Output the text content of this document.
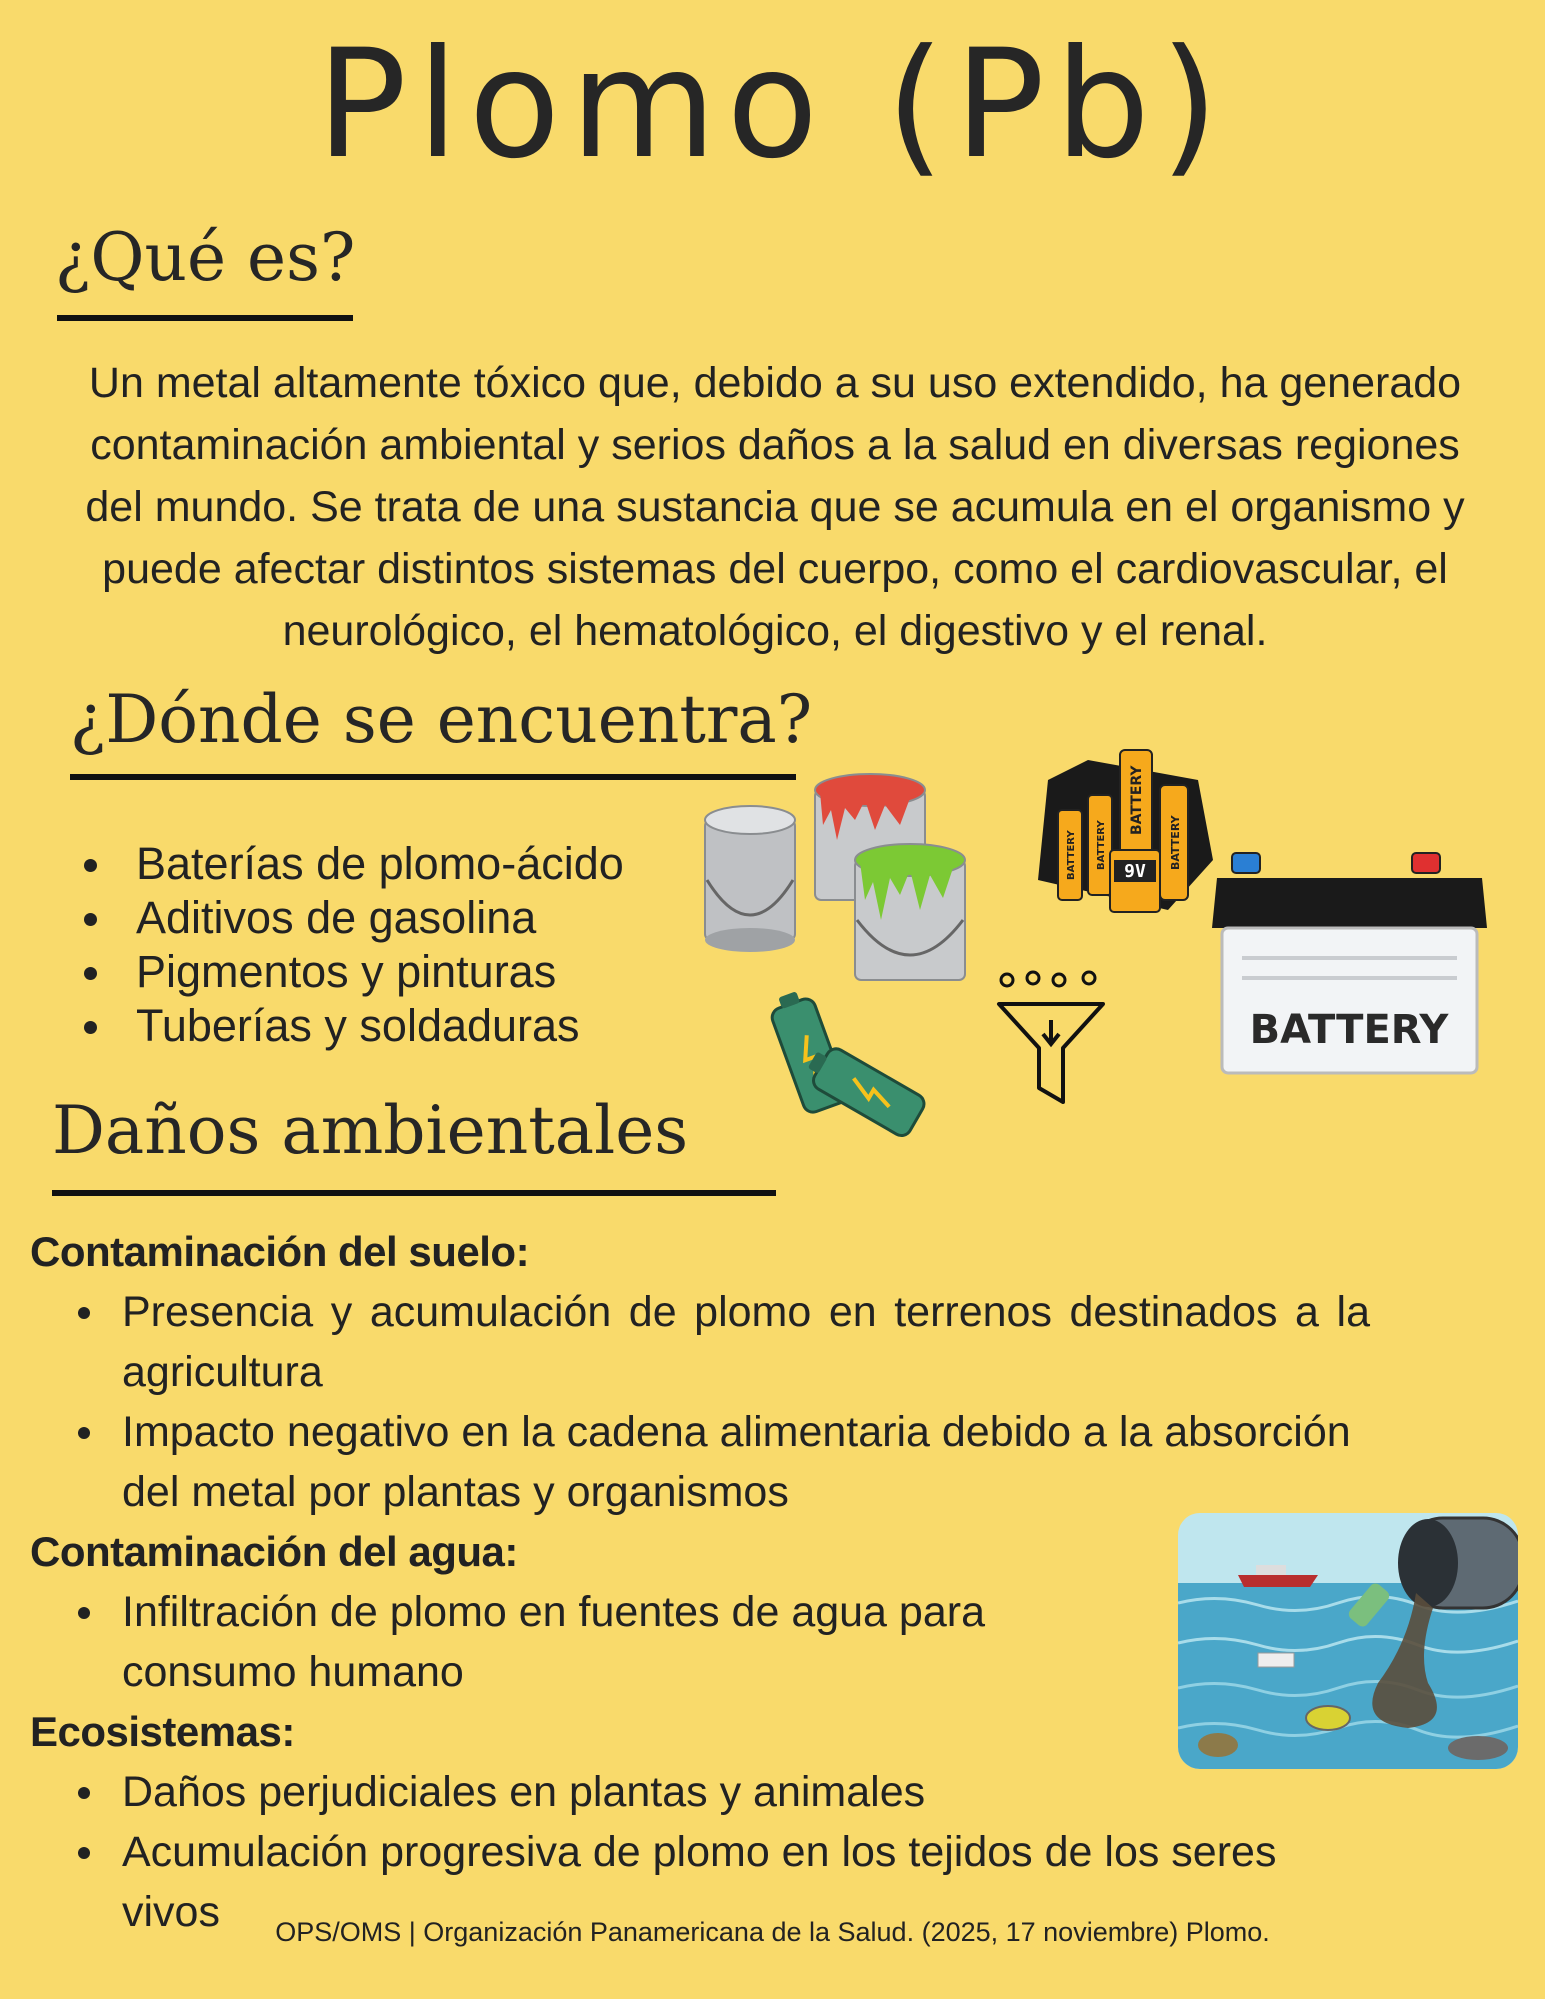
Plomo (Pb)
¿Qué es?
Un metal altamente tóxico que, debido a su uso extendido, ha generado contaminación ambiental y serios daños a la salud en diversas regiones del mundo. Se trata de una sustancia que se acumula en el organismo y puede afectar distintos sistemas del cuerpo, como el cardiovascular, el neurológico, el hematológico, el digestivo y el renal.
¿Dónde se encuentra?
Baterías de plomo-ácido
Aditivos de gasolina
Pigmentos y pinturas
Tuberías y soldaduras
BATTERY BATTERY
BATTERY
BATTERY
9V
BATTERY
Daños ambientales
Contaminación del suelo:
Presencia y acumulación de plomo en terrenos destinados a la agricultura
Impacto negativo en la cadena alimentaria debido a la absorción del metal por plantas y organismos
Contaminación del agua:
Infiltración de plomo en fuentes de agua para consumo humano
Ecosistemas:
Daños perjudiciales en plantas y animales
Acumulación progresiva de plomo en los tejidos de los seres vivos	OPS/OMS | Organización Panamericana de la Salud. (2025, 17 noviembre) Plomo.
